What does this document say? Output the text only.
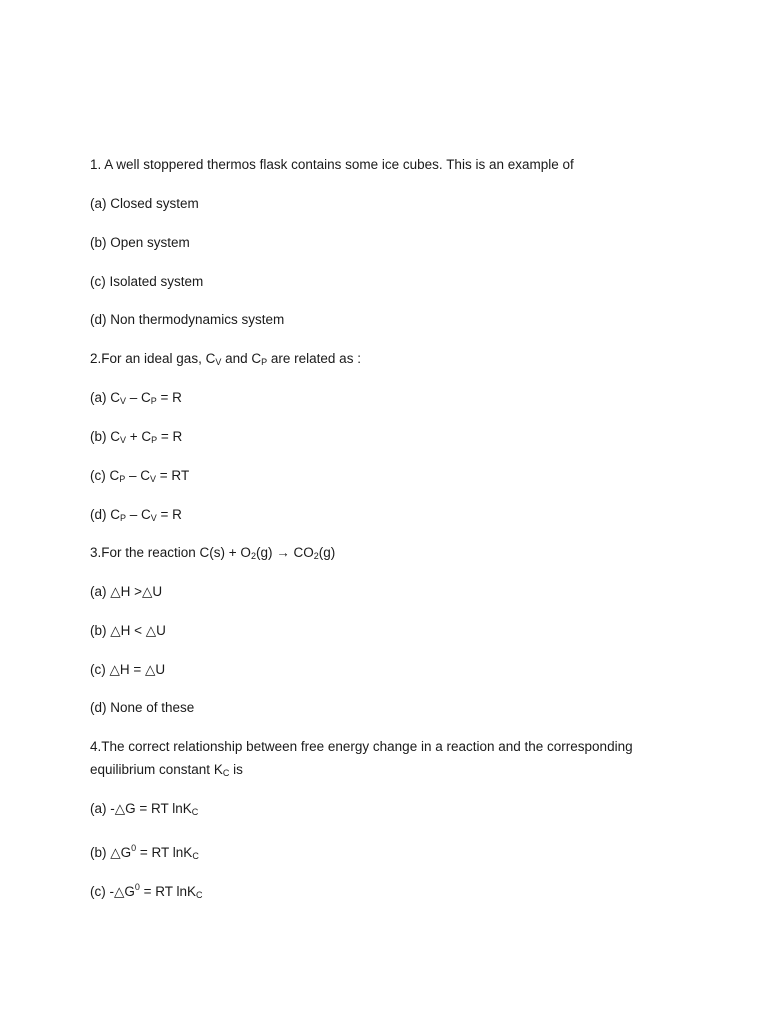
1. A well stoppered thermos flask contains some ice cubes. This is an example of
(a) Closed system
(b) Open system
(c) Isolated system
(d) Non thermodynamics system
2.For an ideal gas, $C_V$ and $C_P$ are related as :
(a) $C_V - C_P = R$
(b) $C_V + C_P = R$
(c) $C_P - C_V$ = RT
(d) $C_P - C_V = R$
3.For the reaction $C(s) + O_2(g) \to CO_2(g)$
(a) △H >△U
(b) △H < △U
(c) △H = △U
(d) None of these
4.The correct relationship between free energy change in a reaction and the corresponding
equilibrium constant $K_C$ is
(a) -△G = RT lnK$_C$
(b) $\triangle G^0$ = RT lnK$_C$
(c) $-\triangle G^0$ = RT lnK$_C$
